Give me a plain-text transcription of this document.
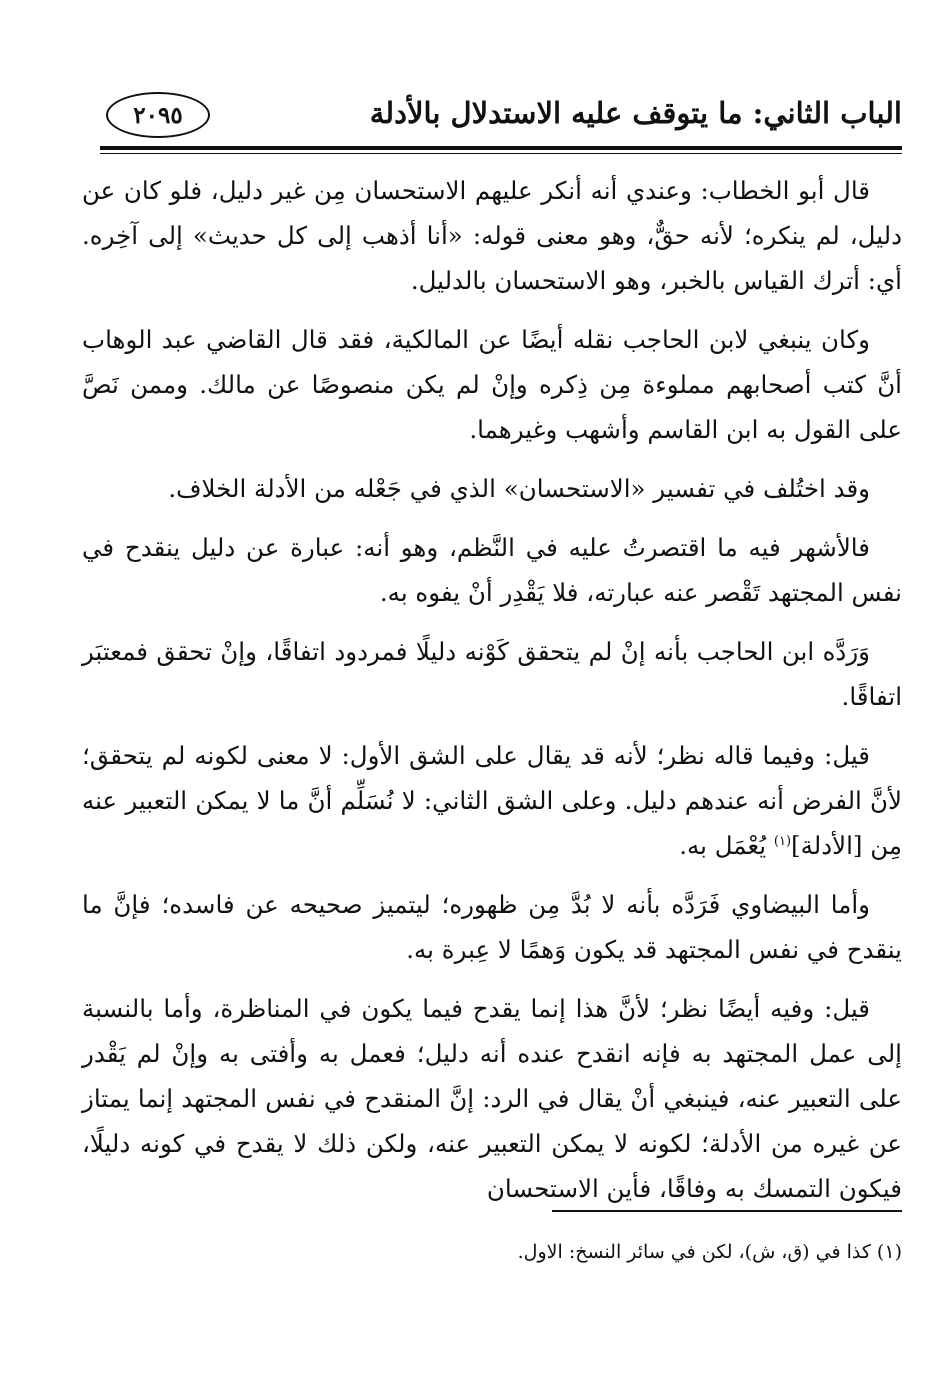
الباب الثاني: ما يتوقف عليه الاستدلال بالأدلة
٢٠٩٥

قال أبو الخطاب: وعندي أنه أنكر عليهم الاستحسان مِن غير دليل، فلو كان عن دليل، لم ينكره؛ لأنه حقٌّ، وهو معنى قوله: «أنا أذهب إلى كل حديث» إلى آخِره. أي: أترك القياس بالخبر، وهو الاستحسان بالدليل.

وكان ينبغي لابن الحاجب نقله أيضًا عن المالكية، فقد قال القاضي عبد الوهاب أنَّ كتب أصحابهم مملوءة مِن ذِكره وإنْ لم يكن منصوصًا عن مالك. وممن نَصَّ على القول به ابن القاسم وأشهب وغيرهما.

وقد اختُلف في تفسير «الاستحسان» الذي في جَعْله من الأدلة الخلاف.

فالأشهر فيه ما اقتصرتُ عليه في النَّظم، وهو أنه: عبارة عن دليل ينقدح في نفس المجتهد تَقْصر عنه عبارته، فلا يَقْدِر أنْ يفوه به.

وَرَدَّه ابن الحاجب بأنه إنْ لم يتحقق كَوْنه دليلًا فمردود اتفاقًا، وإنْ تحقق فمعتبَر اتفاقًا.

قيل: وفيما قاله نظر؛ لأنه قد يقال على الشق الأول: لا معنى لكونه لم يتحقق؛ لأنَّ الفرض أنه عندهم دليل. وعلى الشق الثاني: لا نُسَلِّم أنَّ ما لا يمكن التعبير عنه مِن [الأدلة]$^{(١)}$ يُعْمَل به.

وأما البيضاوي فَرَدَّه بأنه لا بُدَّ مِن ظهوره؛ ليتميز صحيحه عن فاسده؛ فإنَّ ما ينقدح في نفس المجتهد قد يكون وَهمًا لا عِبرة به.

قيل: وفيه أيضًا نظر؛ لأنَّ هذا إنما يقدح فيما يكون في المناظرة، وأما بالنسبة إلى عمل المجتهد به فإنه انقدح عنده أنه دليل؛ فعمل به وأفتى به وإنْ لم يَقْدر على التعبير عنه، فينبغي أنْ يقال في الرد: إنَّ المنقدح في نفس المجتهد إنما يمتاز عن غيره من الأدلة؛ لكونه لا يمكن التعبير عنه، ولكن ذلك لا يقدح في كونه دليلًا، فيكون التمسك به وفاقًا، فأين الاستحسان

(١) كذا في (ق، ش)، لكن في سائر النسخ: الاول.
